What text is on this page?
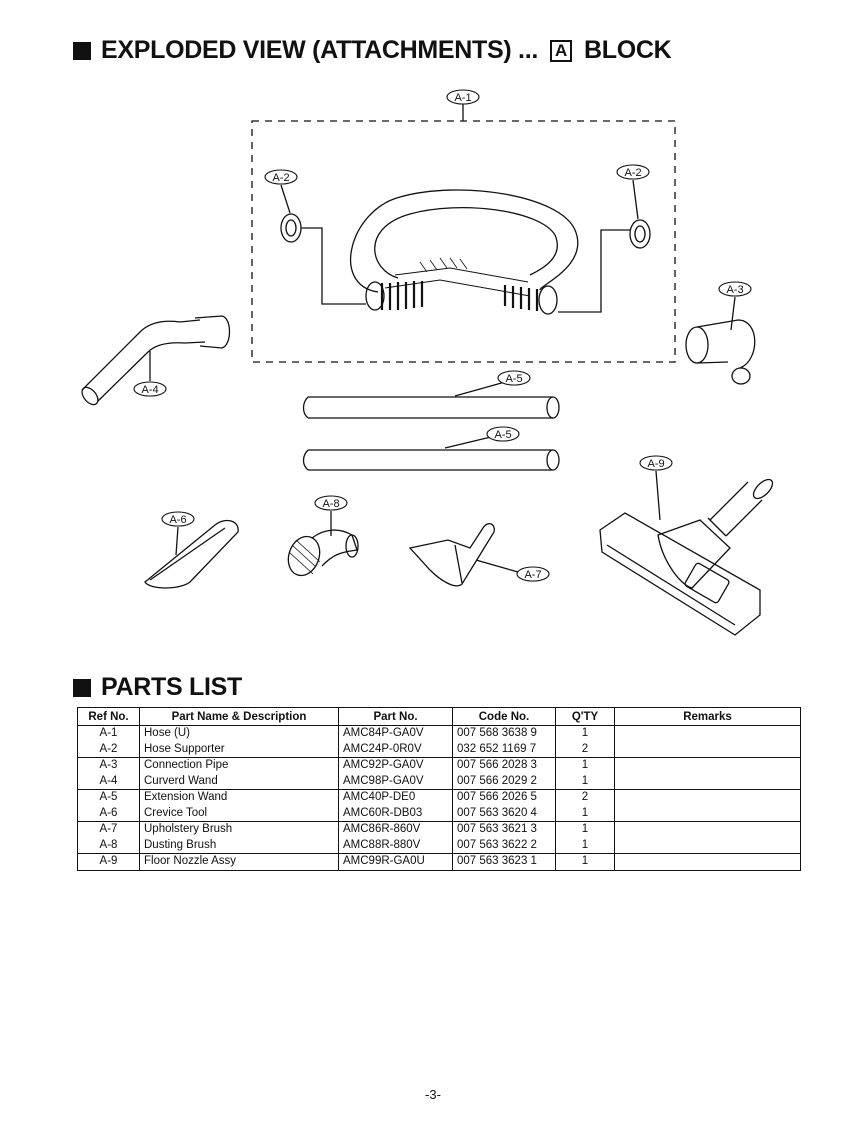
EXPLODED VIEW (ATTACHMENTS) ... A BLOCK
A-1
A-2	A-2
A-3
A-4
A-5
A-5
A-6
A-7
A-8
A-9
PARTS LIST
Ref No.	Part Name & Description	Part No.	Code No.	Q'TY	Remarks
A-1	Hose (U)	AMC84P-GA0V	007 568 3638 9	1	
A-2	Hose Supporter	AMC24P-0R0V	032 652 1169 7	2	
A-3	Connection Pipe	AMC92P-GA0V	007 566 2028 3	1	
A-4	Curverd Wand	AMC98P-GA0V	007 566 2029 2	1	
A-5	Extension Wand	AMC40P-DE0	007 566 2026 5	2	
A-6	Crevice Tool	AMC60R-DB03	007 563 3620 4	1	
A-7	Upholstery Brush	AMC86R-860V	007 563 3621 3	1	
A-8	Dusting Brush	AMC88R-880V	007 563 3622 2	1	
A-9	Floor Nozzle Assy	AMC99R-GA0U	007 563 3623 1	1	
-3-
